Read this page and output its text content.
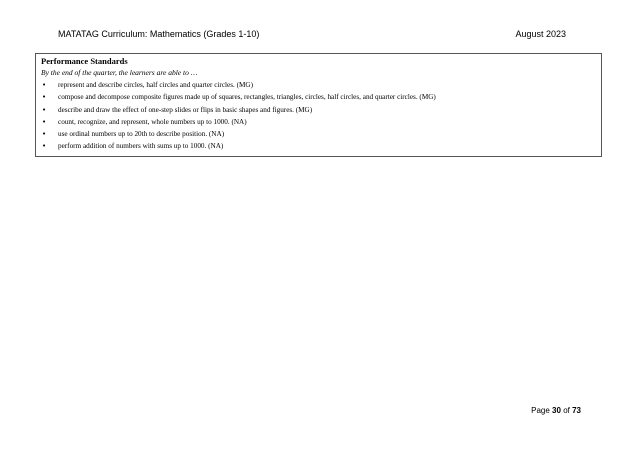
MATATAG Curriculum: Mathematics (Grades 1-10)	August 2023

Performance Standards

By the end of the quarter, the learners are able to …

• represent and describe circles, half circles and quarter circles. (MG)
• compose and decompose composite figures made up of squares, rectangles, triangles, circles, half circles, and quarter circles. (MG)
• describe and draw the effect of one-step slides or flips in basic shapes and figures. (MG)
• count, recognize, and represent, whole numbers up to 1000. (NA)
• use ordinal numbers up to 20th to describe position. (NA)
• perform addition of numbers with sums up to 1000. (NA)
Page 30 of 73
